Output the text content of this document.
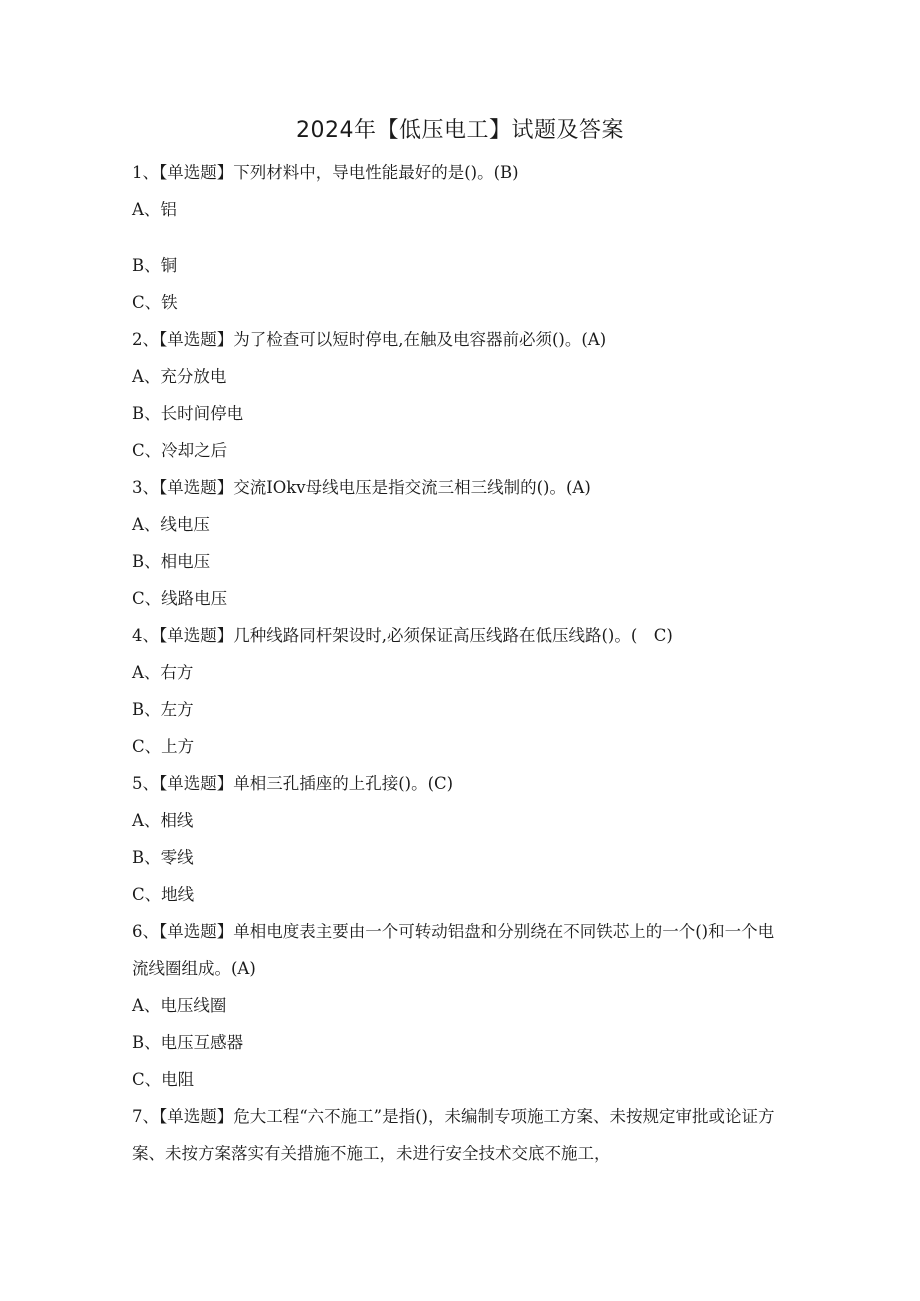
2024年【低压电工】试题及答案
1、【单选题】下列材料中，导电性能最好的是()。(B)
A、铝
B、铜
C、铁
2、【单选题】为了检查可以短时停电,在触及电容器前必须()。(A)
A、充分放电
B、长时间停电
C、冷却之后
3、【单选题】交流IOkv母线电压是指交流三相三线制的()。(A)
A、线电压
B、相电压
C、线路电压
4、【单选题】几种线路同杆架设时,必须保证高压线路在低压线路()。(　C)
A、右方
B、左方
C、上方
5、【单选题】单相三孔插座的上孔接()。(C)
A、相线
B、零线
C、地线
6、【单选题】单相电度表主要由一个可转动铝盘和分别绕在不同铁芯上的一个()和一个电流线圈组成。(A)
A、电压线圈
B、电压互感器
C、电阻
7、【单选题】危大工程“六不施工”是指()，未编制专项施工方案、未按规定审批或论证方案、未按方案落实有关措施不施工，未进行安全技术交底不施工，
